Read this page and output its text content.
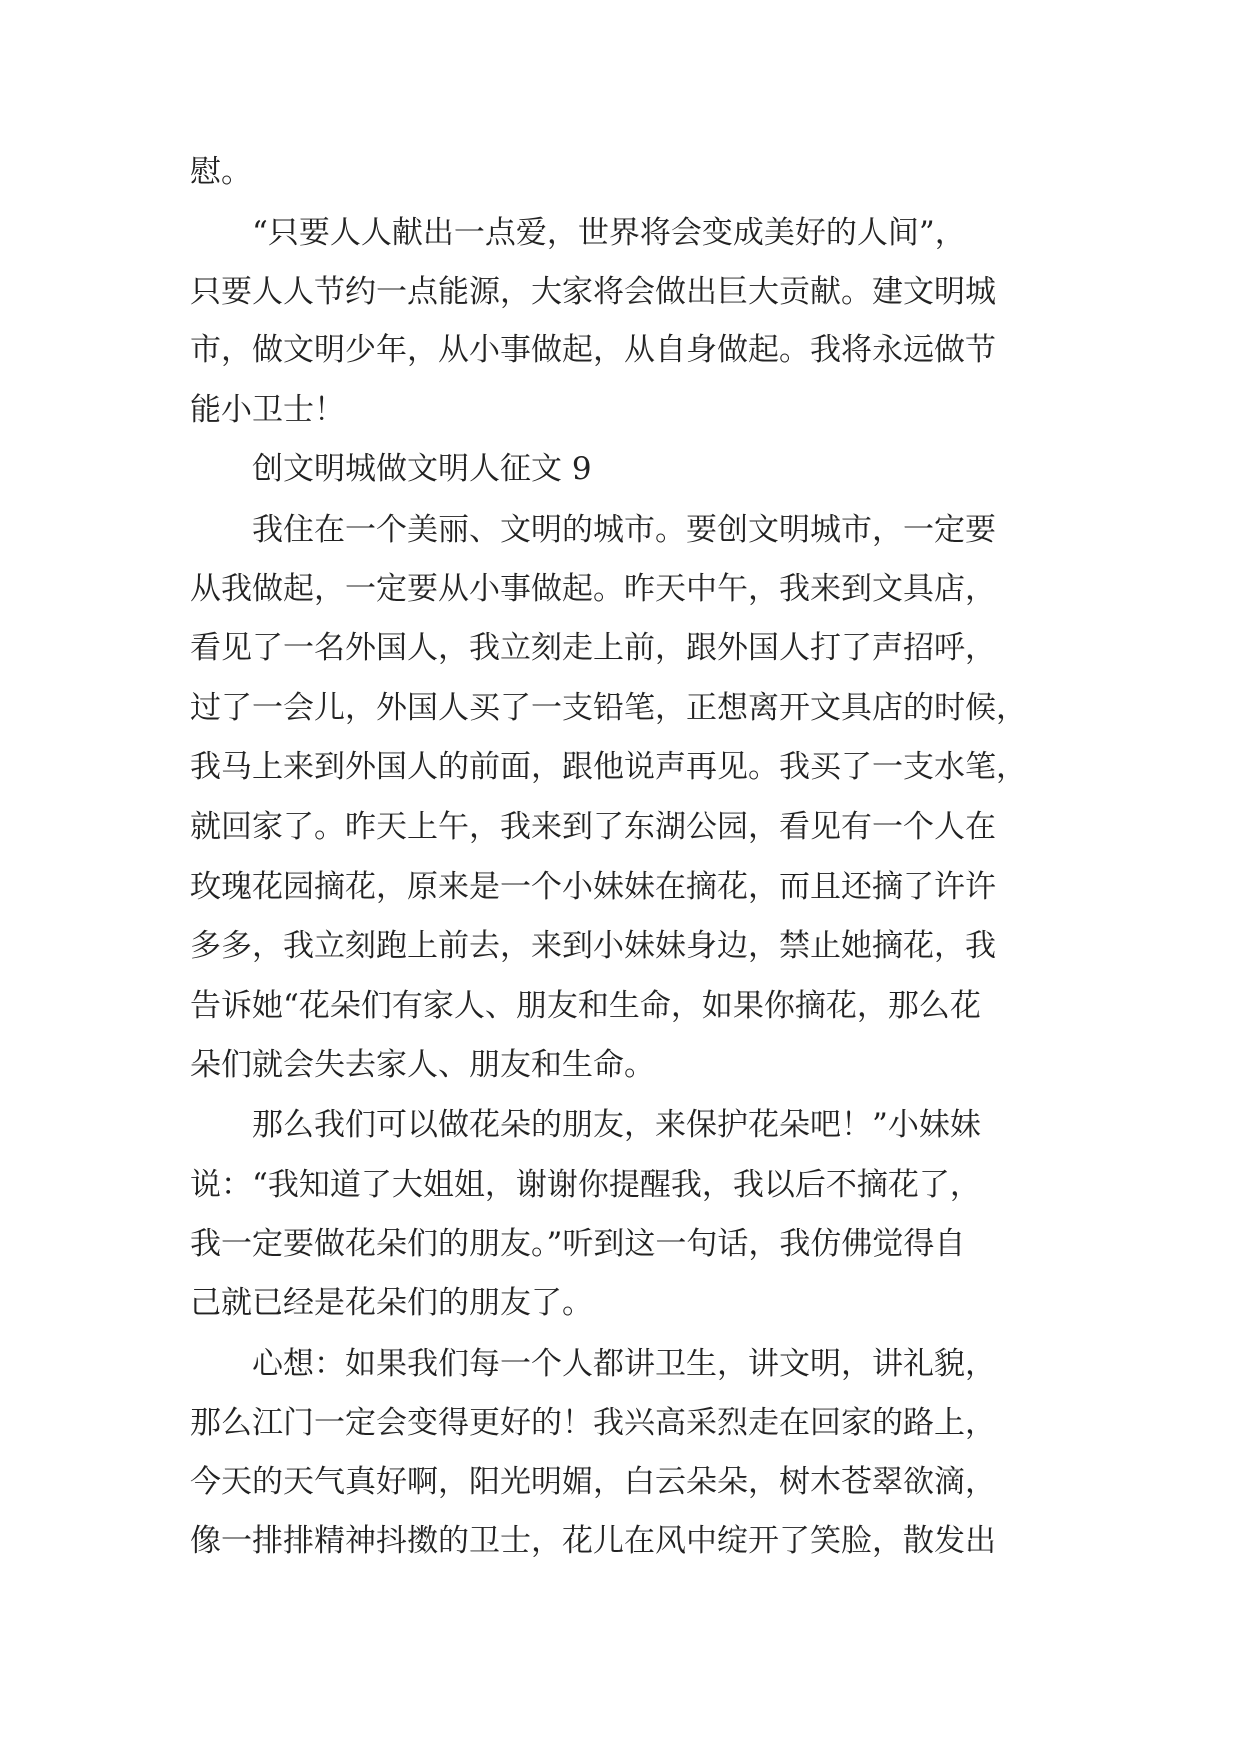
慰。
　　“只要人人献出一点爱，世界将会变成美好的人间”，
只要人人节约一点能源，大家将会做出巨大贡献。建文明城
市，做文明少年，从小事做起，从自身做起。我将永远做节
能小卫士！
　　创文明城做文明人征文 9
　　我住在一个美丽、文明的城市。要创文明城市，一定要
从我做起，一定要从小事做起。昨天中午，我来到文具店，
看见了一名外国人，我立刻走上前，跟外国人打了声招呼，
过了一会儿，外国人买了一支铅笔，正想离开文具店的时候，
我马上来到外国人的前面，跟他说声再见。我买了一支水笔，
就回家了。昨天上午，我来到了东湖公园，看见有一个人在
玫瑰花园摘花，原来是一个小妹妹在摘花，而且还摘了许许
多多，我立刻跑上前去，来到小妹妹身边，禁止她摘花，我
告诉她“花朵们有家人、朋友和生命，如果你摘花，那么花
朵们就会失去家人、朋友和生命。
　　那么我们可以做花朵的朋友，来保护花朵吧！”小妹妹
说：“我知道了大姐姐，谢谢你提醒我，我以后不摘花了，
我一定要做花朵们的朋友。”听到这一句话，我仿佛觉得自
己就已经是花朵们的朋友了。
　　心想：如果我们每一个人都讲卫生，讲文明，讲礼貌，
那么江门一定会变得更好的！我兴高采烈走在回家的路上，
今天的天气真好啊，阳光明媚，白云朵朵，树木苍翠欲滴，
像一排排精神抖擞的卫士，花儿在风中绽开了笑脸，散发出
